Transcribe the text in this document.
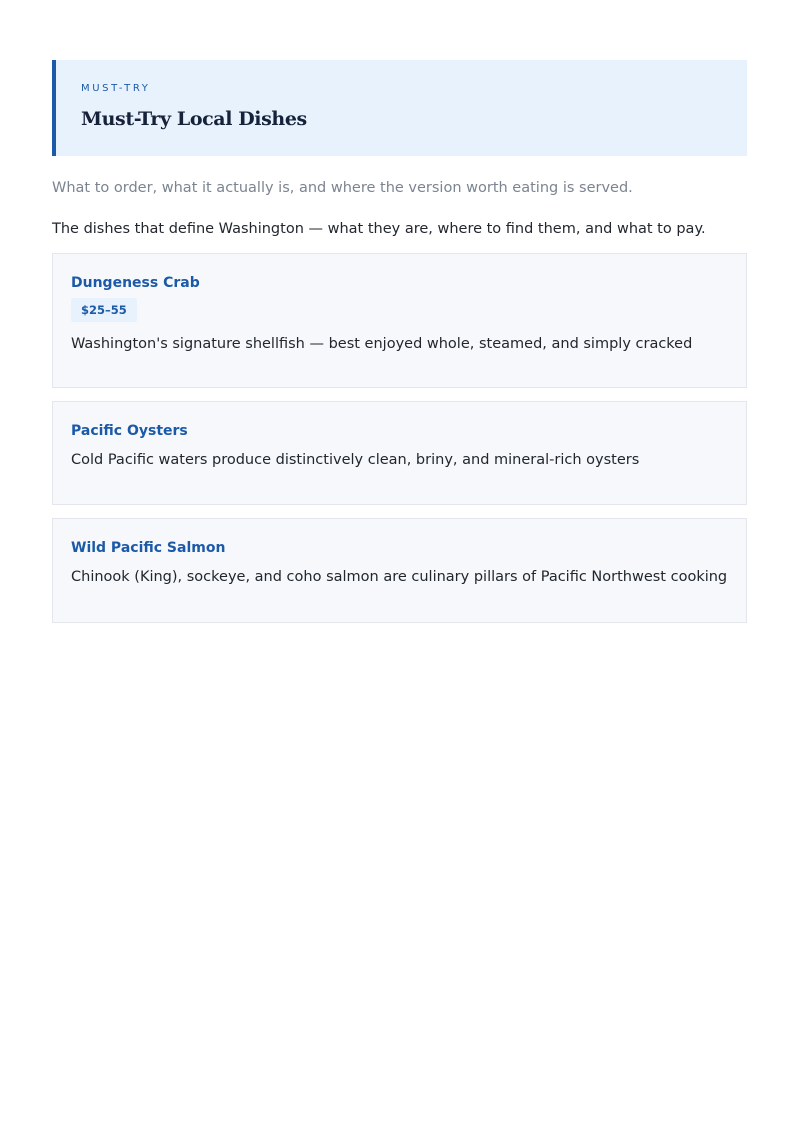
MUST-TRY
Must-Try Local Dishes
What to order, what it actually is, and where the version worth eating is served.
The dishes that define Washington — what they are, where to find them, and what to pay.
Dungeness Crab
$25–55
Washington's signature shellfish — best enjoyed whole, steamed, and simply cracked
Pacific Oysters
Cold Pacific waters produce distinctively clean, briny, and mineral-rich oysters
Wild Pacific Salmon
Chinook (King), sockeye, and coho salmon are culinary pillars of Pacific Northwest cooking
